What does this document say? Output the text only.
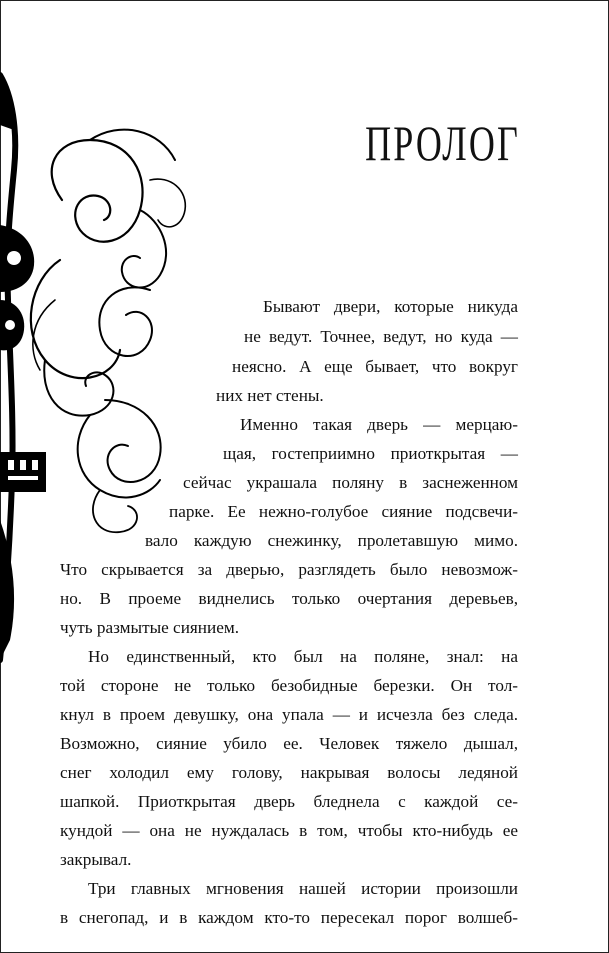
ПРОЛОГ
Бывают двери, которые никуда
не ведут. Точнее, ведут, но куда —
неясно. А еще бывает, что вокруг
них нет стены.
Именно такая дверь — мерцаю-
щая, гостеприимно приоткрытая —
сейчас украшала поляну в заснеженном
парке. Ее нежно-голубое сияние подсвечи-
вало каждую снежинку, пролетавшую мимо.
Что скрывается за дверью, разглядеть было невозмож-
но. В проеме виднелись только очертания деревьев,
чуть размытые сиянием.
Но единственный, кто был на поляне, знал: на
той стороне не только безобидные березки. Он тол-
кнул в проем девушку, она упала — и исчезла без следа.
Возможно, сияние убило ее. Человек тяжело дышал,
снег холодил ему голову, накрывая волосы ледяной
шапкой. Приоткрытая дверь бледнела с каждой се-
кундой — она не нуждалась в том, чтобы кто-нибудь ее
закрывал.
Три главных мгновения нашей истории произошли
в снегопад, и в каждом кто-то пересекал порог волшеб-
